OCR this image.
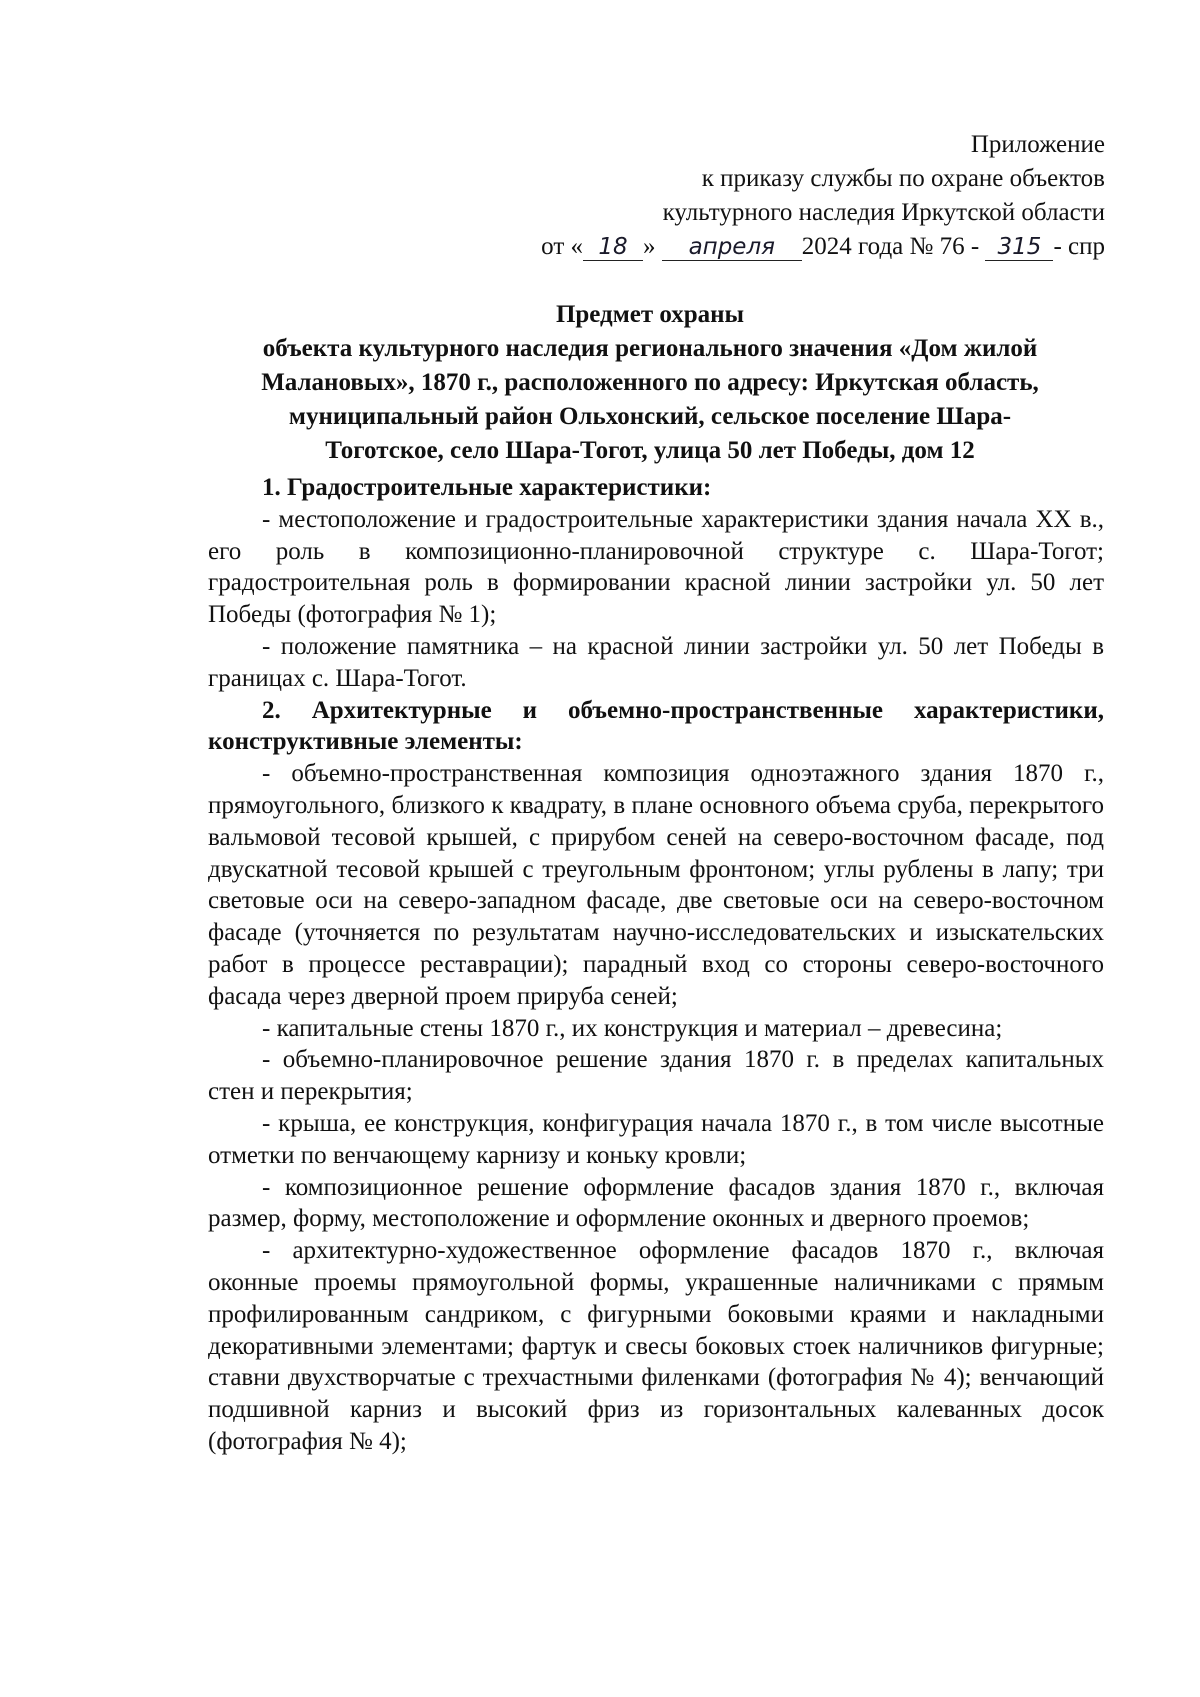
Приложение
к приказу службы по охране объектов
культурного наследия Иркутской области
от « 18 » апреля 2024 года № 76 - 315 - спр
Предмет охраны
объекта культурного наследия регионального значения «Дом жилой
Малановых», 1870 г., расположенного по адресу: Иркутская область,
муниципальный район Ольхонский, сельское поселение Шара-
Тоготское, село Шара-Тогот, улица 50 лет Победы, дом 12

1. Градостроительные характеристики:

- местоположение и градостроительные характеристики здания начала XX в., его роль в композиционно-планировочной структуре с. Шара-Тогот; градостроительная роль в формировании красной линии застройки ул. 50 лет Победы (фотография № 1);

- положение памятника – на красной линии застройки ул. 50 лет Победы в границах с. Шара-Тогот.

2. Архитектурные и объемно-пространственные характеристики, конструктивные элементы:

- объемно-пространственная композиция одноэтажного здания 1870 г., прямоугольного, близкого к квадрату, в плане основного объема сруба, перекрытого вальмовой тесовой крышей, с прирубом сеней на северо-восточном фасаде, под двускатной тесовой крышей с треугольным фронтоном; углы рублены в лапу; три световые оси на северо-западном фасаде, две световые оси на северо-восточном фасаде (уточняется по результатам научно-исследовательских и изыскательских работ в процессе реставрации); парадный вход со стороны северо-восточного фасада через дверной проем прируба сеней;

- капитальные стены 1870 г., их конструкция и материал – древесина;

- объемно-планировочное решение здания 1870 г. в пределах капитальных стен и перекрытия;

- крыша, ее конструкция, конфигурация начала 1870 г., в том числе высотные отметки по венчающему карнизу и коньку кровли;

- композиционное решение оформление фасадов здания 1870 г., включая размер, форму, местоположение и оформление оконных и дверного проемов;

- архитектурно-художественное оформление фасадов 1870 г., включая оконные проемы прямоугольной формы, украшенные наличниками с прямым профилированным сандриком, с фигурными боковыми краями и накладными декоративными элементами; фартук и свесы боковых стоек наличников фигурные; ставни двухстворчатые с трехчастными филенками (фотография № 4); венчающий подшивной карниз и высокий фриз из горизонтальных калеванных досок (фотография № 4);
